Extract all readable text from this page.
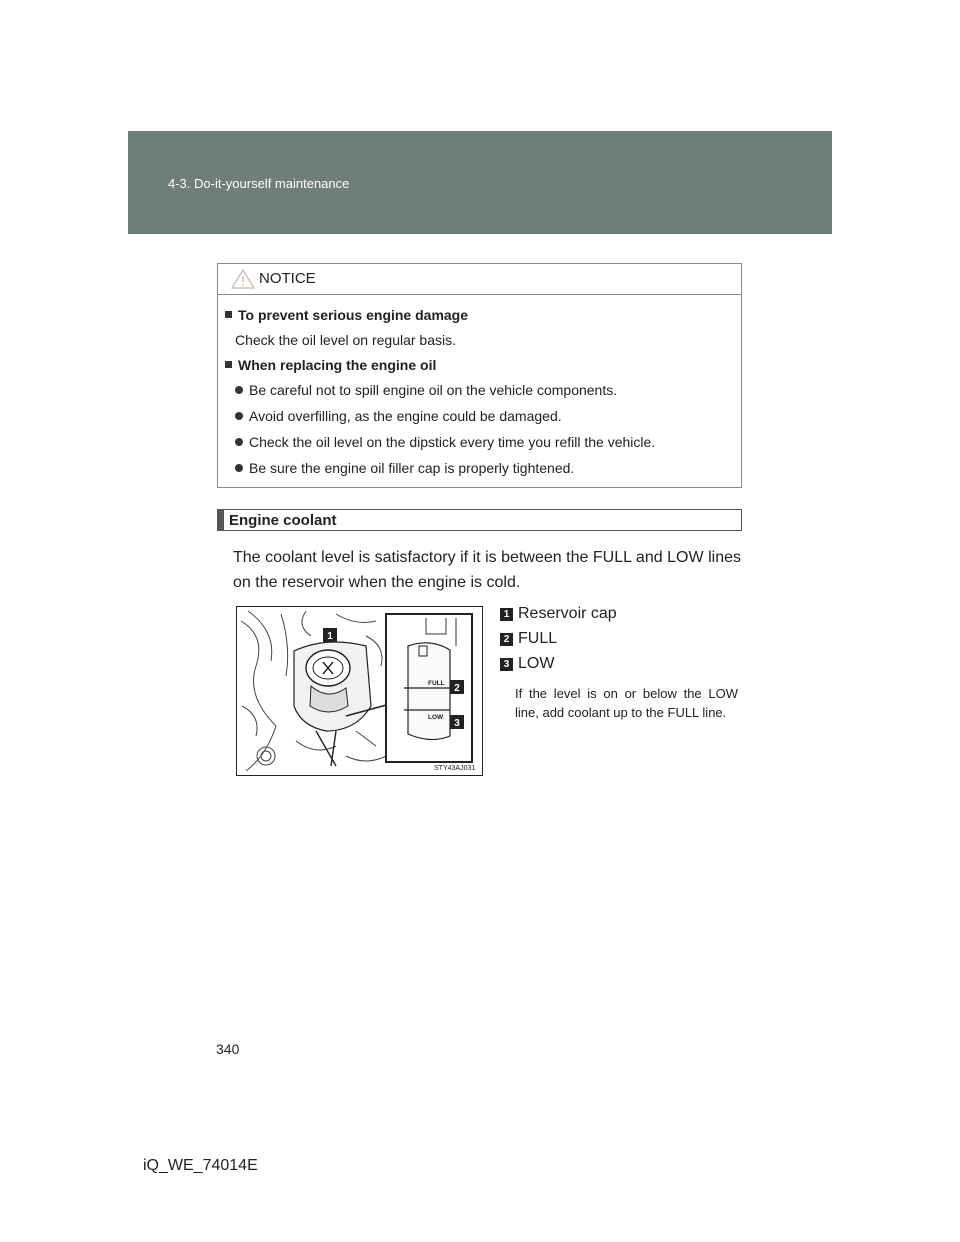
4-3. Do-it-yourself maintenance
NOTICE
To prevent serious engine damage
Check the oil level on regular basis.
When replacing the engine oil
Be careful not to spill engine oil on the vehicle components.
Avoid overfilling, as the engine could be damaged.
Check the oil level on the dipstick every time you refill the vehicle.
Be sure the engine oil filler cap is properly tightened.
Engine coolant
The coolant level is satisfactory if it is between the FULL and LOW lines on the reservoir when the engine is cold.
FULL
LOW
1
2
3
STY43AJ031
1 Reservoir cap
2 FULL
3 LOW
If the level is on or below the LOW line, add coolant up to the FULL line.
340
iQ_WE_74014E
